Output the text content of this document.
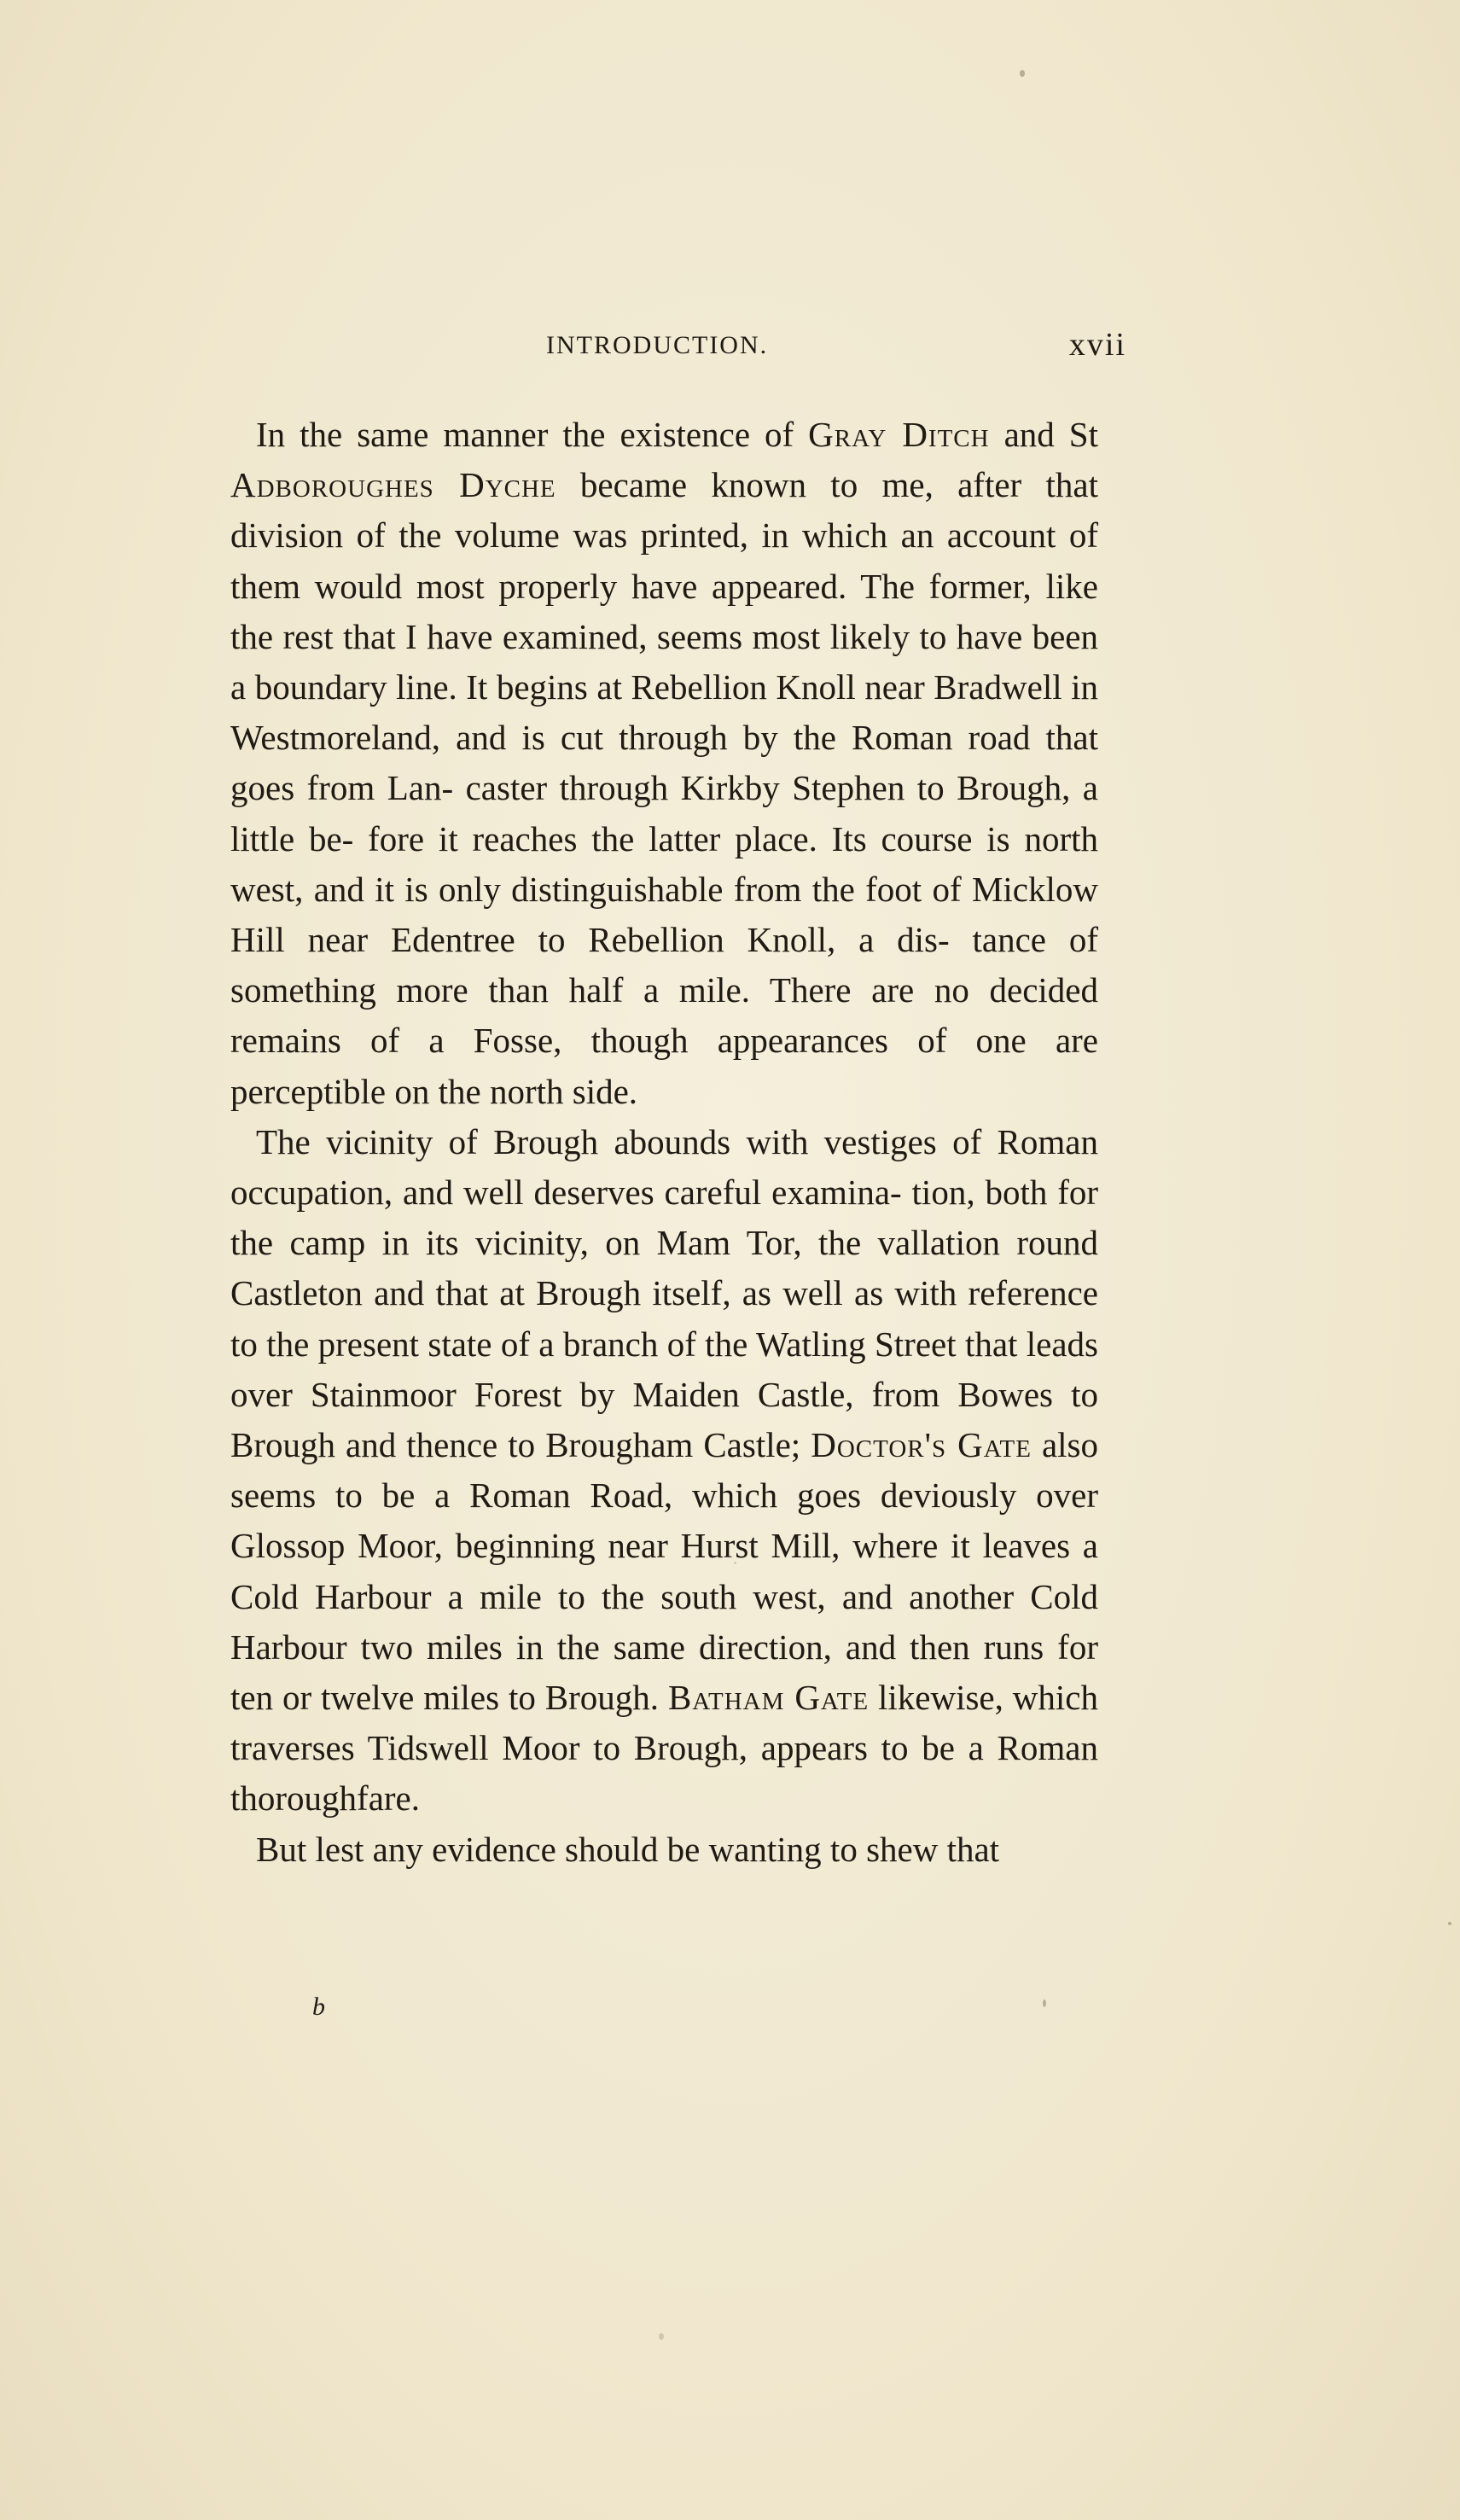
INTRODUCTION.	xvii

In the same manner the existence of Gray Ditch and St Adboroughes Dyche became known to me, after that division of the volume was printed, in which an account of them would most properly have appeared. The former, like the rest that I have examined, seems most likely to have been a boundary line. It begins at Rebellion Knoll near Bradwell in Westmoreland, and is cut through by the Roman road that goes from Lan- caster through Kirkby Stephen to Brough, a little be- fore it reaches the latter place. Its course is north west, and it is only distinguishable from the foot of Micklow Hill near Edentree to Rebellion Knoll, a dis- tance of something more than half a mile. There are no decided remains of a Fosse, though appearances of one are perceptible on the north side.

The vicinity of Brough abounds with vestiges of Roman occupation, and well deserves careful examina- tion, both for the camp in its vicinity, on Mam Tor, the vallation round Castleton and that at Brough itself, as well as with reference to the present state of a branch of the Watling Street that leads over Stainmoor Forest by Maiden Castle, from Bowes to Brough and thence to Brougham Castle; Doctor's Gate also seems to be a Roman Road, which goes deviously over Glossop Moor, beginning near Hurst Mill, where it leaves a Cold Harbour a mile to the south west, and another Cold Harbour two miles in the same direction, and then runs for ten or twelve miles to Brough. Batham Gate likewise, which traverses Tidswell Moor to Brough, appears to be a Roman thoroughfare.

But lest any evidence should be wanting to shew that

b
